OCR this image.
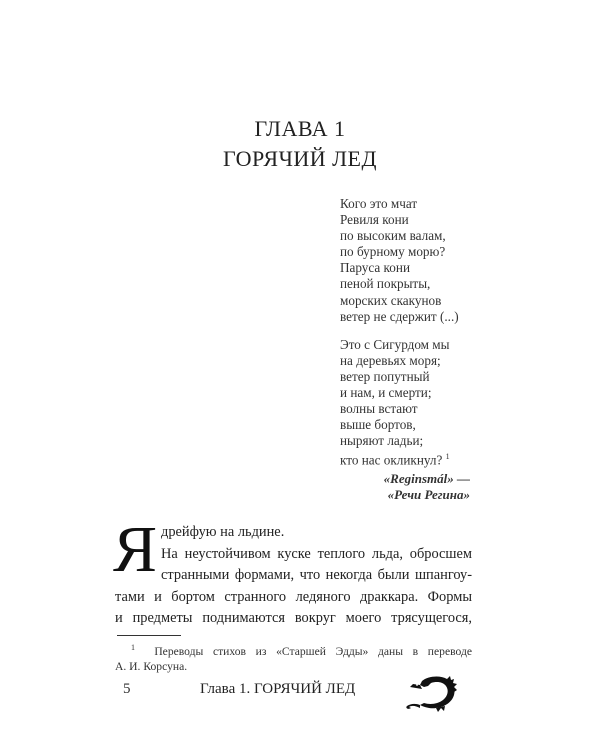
ГЛАВА 1
ГОРЯЧИЙ ЛЕД
Кого это мчат
Ревиля кони
по высоким валам,
по бурному морю?
Паруса кони
пеной покрыты,
морских скакунов
ветер не сдержит (...)
Это с Сигурдом мы
на деревьях моря;
ветер попутный
и нам, и смерти;
волны встают
выше бортов,
ныряют ладьи;
кто нас окликнул? $^1$
«Reginsmál» —
«Речи Регина»
Я дрейфую на льдине.
На неустойчивом куске теплого льда, обросшем
странными формами, что некогда были шпангоу-
тами и бортом странного ледяного драккара. Формы
и предметы поднимаются вокруг моего трясущегося,
$^1$ Переводы стихов из «Старшей Эдды» даны в переводе
А. И. Корсуна.
5	Глава 1. ГОРЯЧИЙ ЛЕД
